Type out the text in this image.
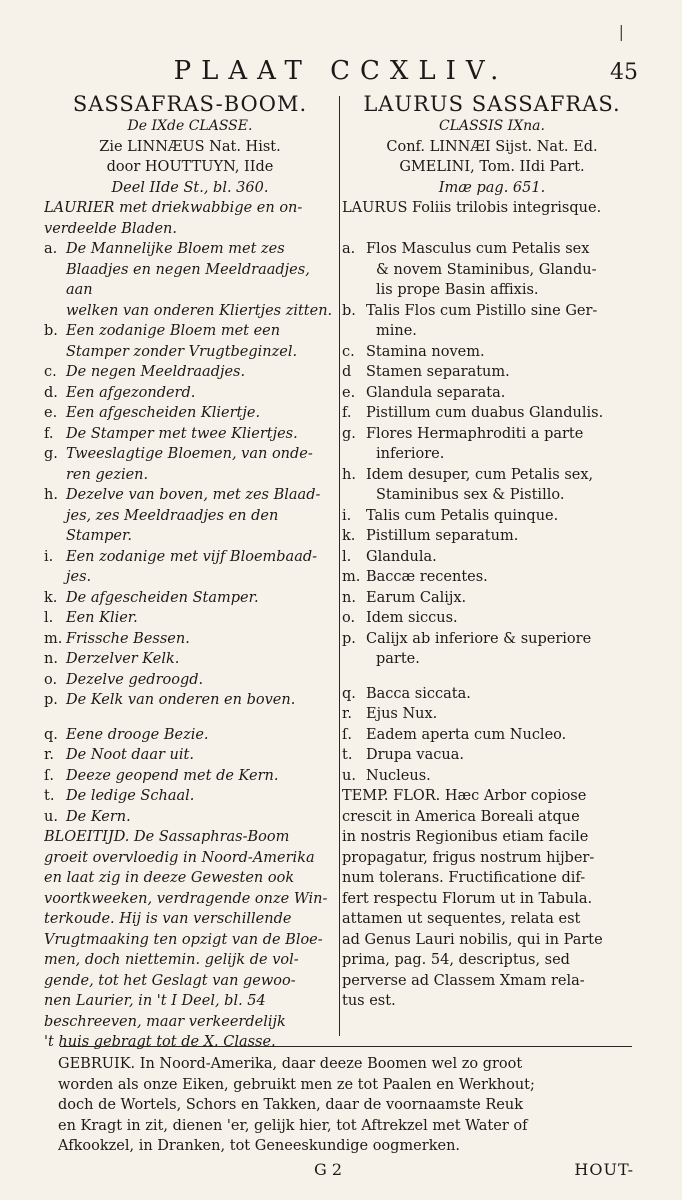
|
PLAAT CCXLIV.	45
SASSAFRAS-BOOM.
De IXde CLASSE.
Zie LINNÆUS Nat. Hist.
door HOUTTUYN, IIde
Deel IIde St., bl. 360.
LAURIER met driekwabbige en on-
verdeelde Bladen.
a. De Mannelijke Bloem met zes
Blaadjes en negen Meeldraadjes, aan
welken van onderen Kliertjes zitten.
b. Een zodanige Bloem met een
Stamper zonder Vrugtbeginzel.
c. De negen Meeldraadjes.
d. Een afgezonderd.
e. Een afgescheiden Kliertje.
f. De Stamper met twee Kliertjes.
g. Tweeslagtige Bloemen, van onde-
ren gezien.
h. Dezelve van boven, met zes Blaad-
jes, zes Meeldraadjes en den Stamper.
i. Een zodanige met vijf Bloembaad-
jes.
k. De afgescheiden Stamper.
l. Een Klier.
m. Frissche Bessen.
n. Derzelver Kelk.
o. Dezelve gedroogd.
p. De Kelk van onderen en boven.
q. Eene drooge Bezie.
r. De Noot daar uit.
ſ. Deeze geopend met de Kern.
t. De ledige Schaal.
u. De Kern.
BLOEITIJD. De Sassaphras-Boom
groeit overvloedig in Noord-Amerika
en laat zig in deeze Gewesten ook
voortkweeken, verdragende onze Win-
terkoude. Hij is van verschillende
Vrugtmaaking ten opzigt van de Bloe-
men, doch niettemin. gelijk de vol-
gende, tot het Geslagt van gewoo-
nen Laurier, in 't I Deel, bl. 54
beschreeven, maar verkeerdelijk
't huis gebragt tot de X. Classe.
LAURUS SASSAFRAS.
CLASSIS IXna.
Conf. LINNÆI Sijst. Nat. Ed.
GMELINI, Tom. IIdi Part.
Imæ pag. 651.
LAURUS Foliis trilobis integrisque.
a. Flos Masculus cum Petalis sex
& novem Staminibus, Glandu-
lis prope Basin affixis.
b. Talis Flos cum Pistillo sine Ger-
mine.
c. Stamina novem.
d Stamen separatum.
e. Glandula separata.
f. Pistillum cum duabus Glandulis.
g. Flores Hermaphroditi a parte
inferiore.
h. Idem desuper, cum Petalis sex,
Staminibus sex & Pistillo.
i. Talis cum Petalis quinque.
k. Pistillum separatum.
l. Glandula.
m. Baccæ recentes.
n. Earum Calijx.
o. Idem siccus.
p. Calijx ab inferiore & superiore
parte.
q. Bacca siccata.
r. Ejus Nux.
ſ. Eadem aperta cum Nucleo.
t. Drupa vacua.
u. Nucleus.
TEMP. FLOR. Hæc Arbor copiose
crescit in America Boreali atque
in nostris Regionibus etiam facile
propagatur, frigus nostrum hijber-
num tolerans. Fructificatione dif-
fert respectu Florum ut in Tabula.
attamen ut sequentes, relata est
ad Genus Lauri nobilis, qui in Parte
prima, pag. 54, descriptus, sed
perverse ad Classem Xmam rela-
tus est.
GEBRUIK. In Noord-Amerika, daar deeze Boomen wel zo groot
worden als onze Eiken, gebruikt men ze tot Paalen en Werkhout;
doch de Wortels, Schors en Takken, daar de voornaamste Reuk
en Kragt in zit, dienen 'er, gelijk hier, tot Aftrekzel met Water of
Afkookzel, in Dranken, tot Geneeskundige oogmerken.
G 2	HOUT-
